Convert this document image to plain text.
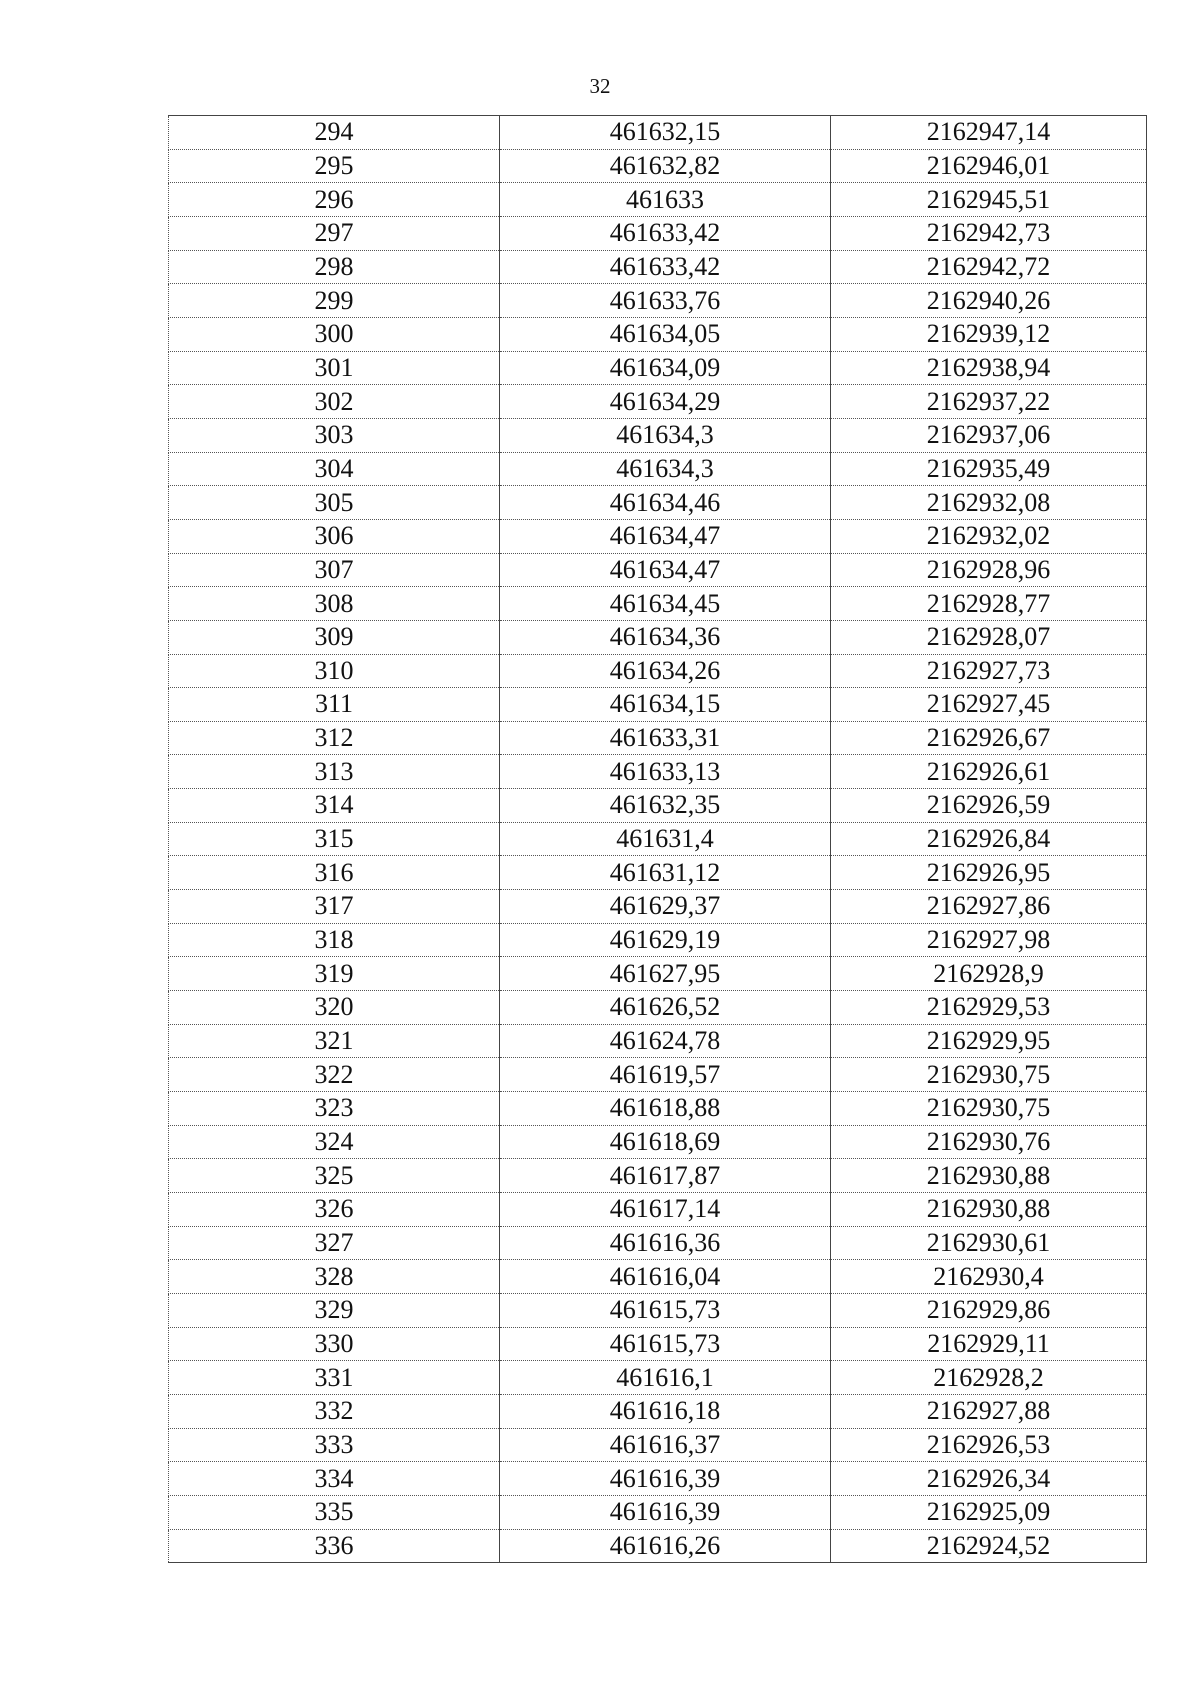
32
294	461632,15	2162947,14
295	461632,82	2162946,01
296	461633	2162945,51
297	461633,42	2162942,73
298	461633,42	2162942,72
299	461633,76	2162940,26
300	461634,05	2162939,12
301	461634,09	2162938,94
302	461634,29	2162937,22
303	461634,3	2162937,06
304	461634,3	2162935,49
305	461634,46	2162932,08
306	461634,47	2162932,02
307	461634,47	2162928,96
308	461634,45	2162928,77
309	461634,36	2162928,07
310	461634,26	2162927,73
311	461634,15	2162927,45
312	461633,31	2162926,67
313	461633,13	2162926,61
314	461632,35	2162926,59
315	461631,4	2162926,84
316	461631,12	2162926,95
317	461629,37	2162927,86
318	461629,19	2162927,98
319	461627,95	2162928,9
320	461626,52	2162929,53
321	461624,78	2162929,95
322	461619,57	2162930,75
323	461618,88	2162930,75
324	461618,69	2162930,76
325	461617,87	2162930,88
326	461617,14	2162930,88
327	461616,36	2162930,61
328	461616,04	2162930,4
329	461615,73	2162929,86
330	461615,73	2162929,11
331	461616,1	2162928,2
332	461616,18	2162927,88
333	461616,37	2162926,53
334	461616,39	2162926,34
335	461616,39	2162925,09
336	461616,26	2162924,52
